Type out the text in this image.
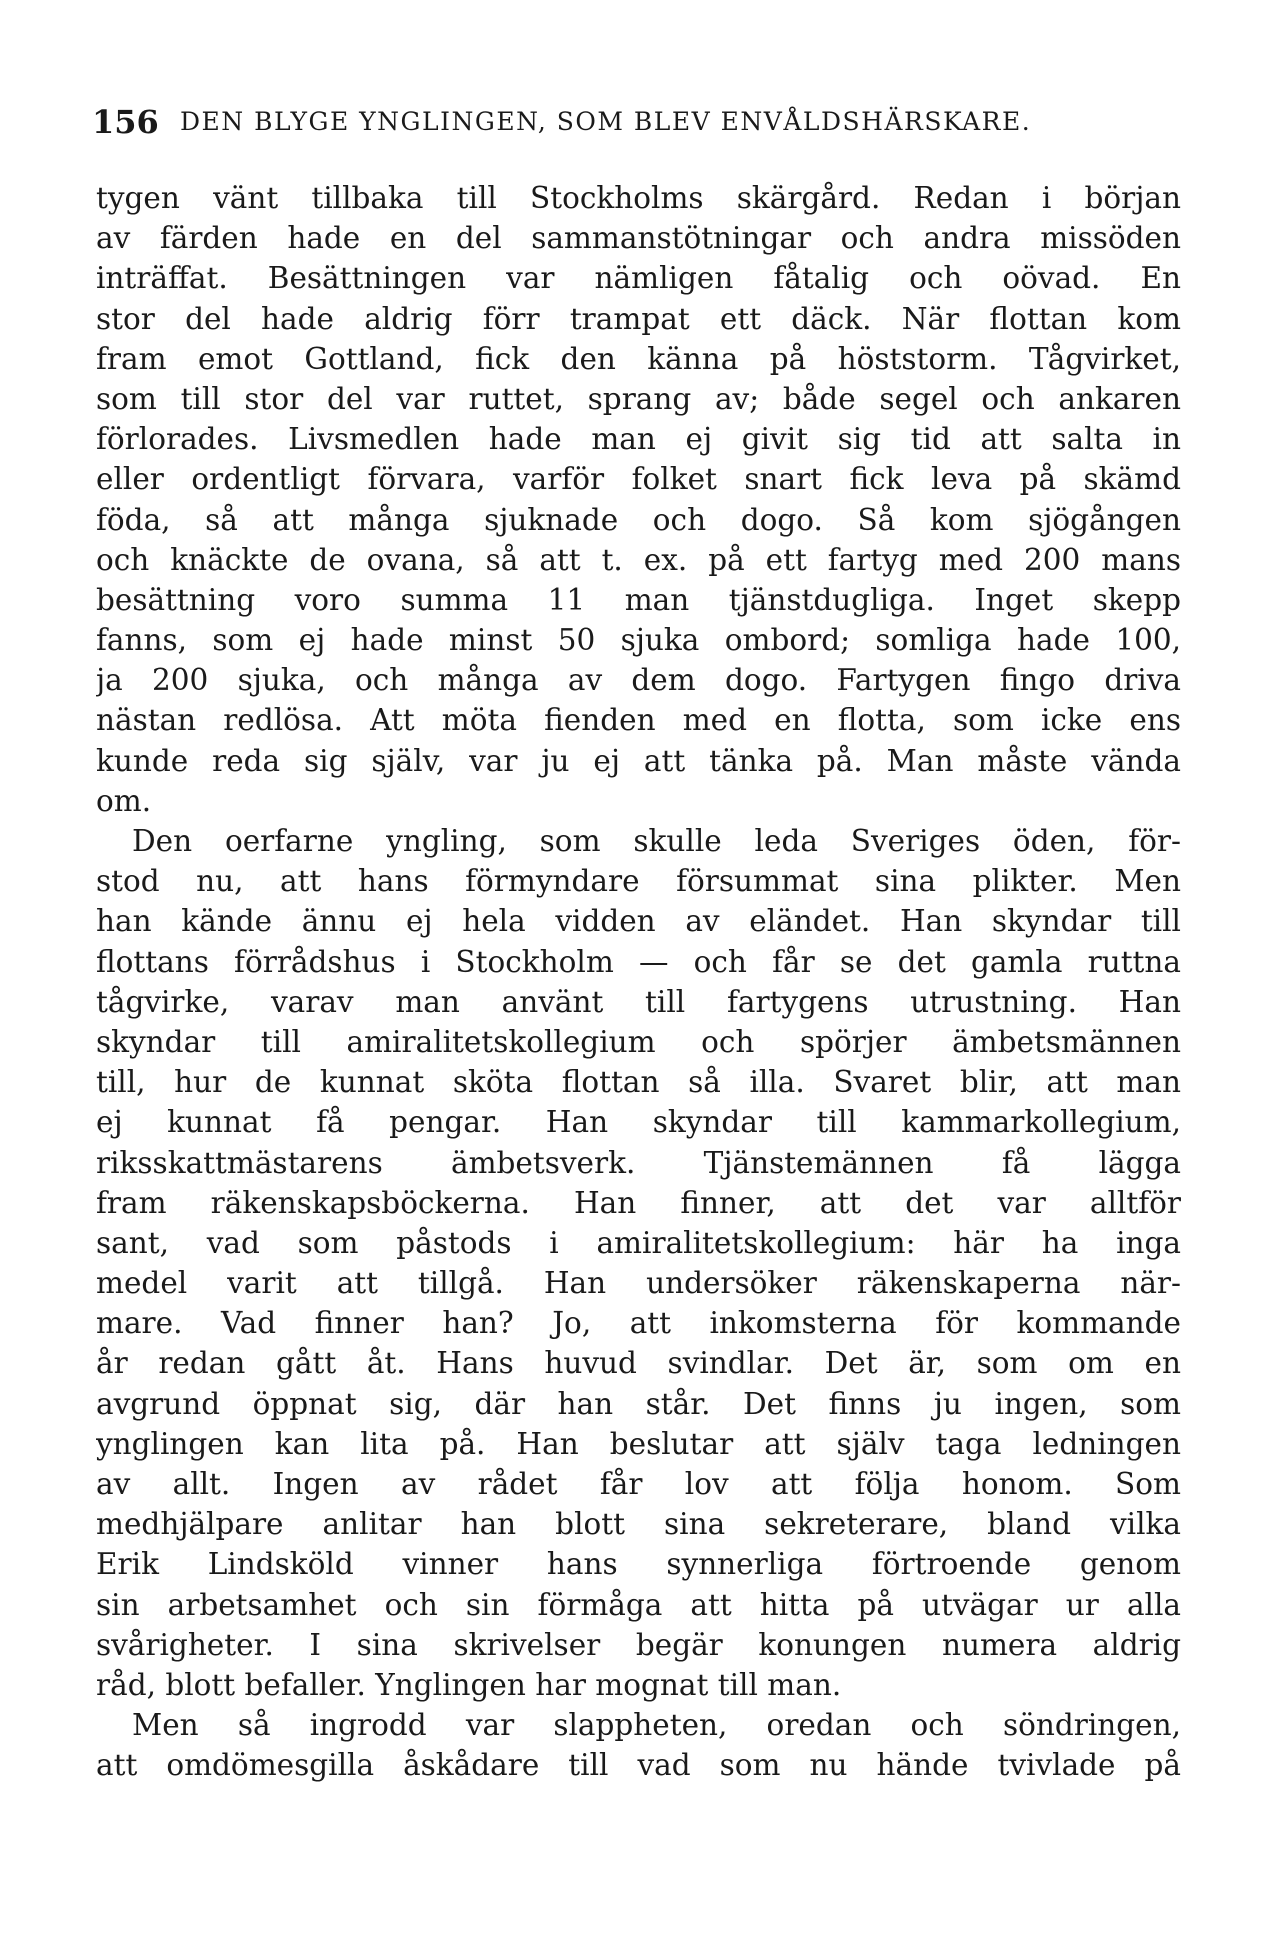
156 DEN BLYGE YNGLINGEN, SOM BLEV ENVÅLDSHÄRSKARE.
tygen vänt tillbaka till Stockholms skärgård. Redan i början
av färden hade en del sammanstötningar och andra missöden
inträffat. Besättningen var nämligen fåtalig och oövad. En
stor del hade aldrig förr trampat ett däck. När flottan kom
fram emot Gottland, fick den känna på höststorm. Tågvirket,
som till stor del var ruttet, sprang av; både segel och ankaren
förlorades. Livsmedlen hade man ej givit sig tid att salta in
eller ordentligt förvara, varför folket snart fick leva på skämd
föda, så att många sjuknade och dogo. Så kom sjögången
och knäckte de ovana, så att t. ex. på ett fartyg med 200 mans
besättning voro summa 11 man tjänstdugliga. Inget skepp
fanns, som ej hade minst 50 sjuka ombord; somliga hade 100,
ja 200 sjuka, och många av dem dogo. Fartygen fingo driva
nästan redlösa. Att möta fienden med en flotta, som icke ens
kunde reda sig själv, var ju ej att tänka på. Man måste vända
om.
Den oerfarne yngling, som skulle leda Sveriges öden, för-
stod nu, att hans förmyndare försummat sina plikter. Men
han kände ännu ej hela vidden av eländet. Han skyndar till
flottans förrådshus i Stockholm — och får se det gamla ruttna
tågvirke, varav man använt till fartygens utrustning. Han
skyndar till amiralitetskollegium och spörjer ämbetsmännen
till, hur de kunnat sköta flottan så illa. Svaret blir, att man
ej kunnat få pengar. Han skyndar till kammarkollegium,
riksskattmästarens ämbetsverk. Tjänstemännen få lägga
fram räkenskapsböckerna. Han finner, att det var alltför
sant, vad som påstods i amiralitetskollegium: här ha inga
medel varit att tillgå. Han undersöker räkenskaperna när-
mare. Vad finner han? Jo, att inkomsterna för kommande
år redan gått åt. Hans huvud svindlar. Det är, som om en
avgrund öppnat sig, där han står. Det finns ju ingen, som
ynglingen kan lita på. Han beslutar att själv taga ledningen
av allt. Ingen av rådet får lov att följa honom. Som
medhjälpare anlitar han blott sina sekreterare, bland vilka
Erik Lindsköld vinner hans synnerliga förtroende genom
sin arbetsamhet och sin förmåga att hitta på utvägar ur alla
svårigheter. I sina skrivelser begär konungen numera aldrig
råd, blott befaller. Ynglingen har mognat till man.
Men så ingrodd var slappheten, oredan och söndringen,
att omdömesgilla åskådare till vad som nu hände tvivlade på
